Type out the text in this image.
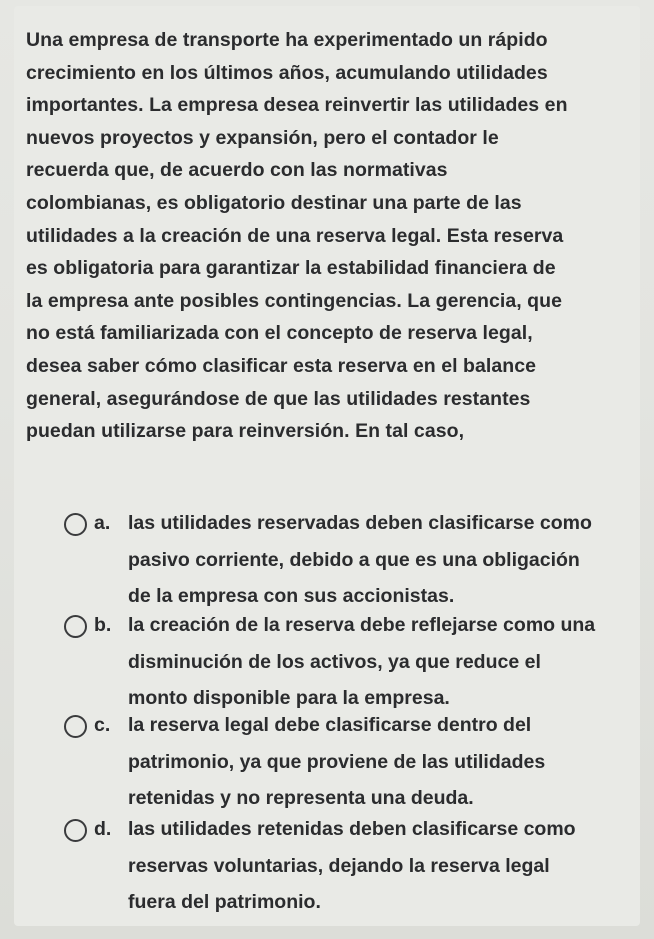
Una empresa de transporte ha experimentado un rápido
crecimiento en los últimos años, acumulando utilidades
importantes. La empresa desea reinvertir las utilidades en
nuevos proyectos y expansión, pero el contador le
recuerda que, de acuerdo con las normativas
colombianas, es obligatorio destinar una parte de las
utilidades a la creación de una reserva legal. Esta reserva
es obligatoria para garantizar la estabilidad financiera de
la empresa ante posibles contingencias. La gerencia, que
no está familiarizada con el concepto de reserva legal,
desea saber cómo clasificar esta reserva en el balance
general, asegurándose de que las utilidades restantes
puedan utilizarse para reinversión. En tal caso,
a. las utilidades reservadas deben clasificarse como
pasivo corriente, debido a que es una obligación
de la empresa con sus accionistas.
b. la creación de la reserva debe reflejarse como una
disminución de los activos, ya que reduce el
monto disponible para la empresa.
c. la reserva legal debe clasificarse dentro del
patrimonio, ya que proviene de las utilidades
retenidas y no representa una deuda.
d. las utilidades retenidas deben clasificarse como
reservas voluntarias, dejando la reserva legal
fuera del patrimonio.
